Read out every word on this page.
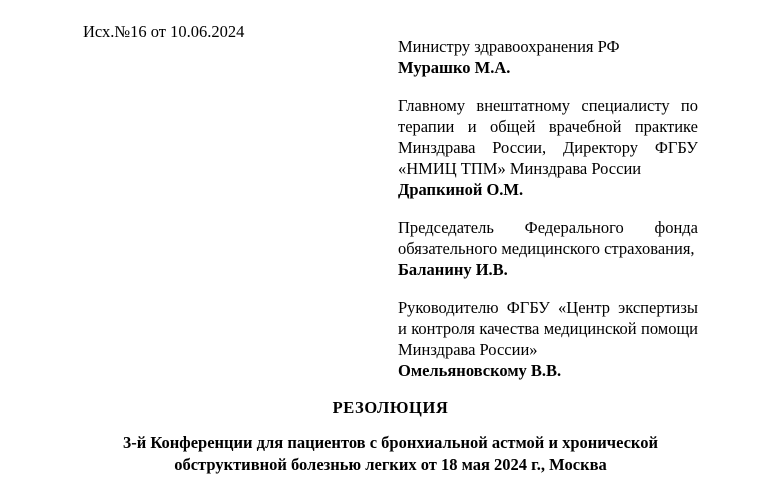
Исх.№16 от 10.06.2024
Министру здравоохранения РФ
Мурашко М.А.
Главному внештатному специалисту по терапии и общей врачебной практике Минздрава России, Директору ФГБУ «НМИЦ ТПМ» Минздрава России
Драпкиной О.М.
Председатель Федерального фонда обязательного медицинского страхования,
Баланину И.В.
Руководителю ФГБУ «Центр экспертизы и контроля качества медицинской помощи Минздрава России»
Омельяновскому В.В.
РЕЗОЛЮЦИЯ
3-й Конференции для пациентов с бронхиальной астмой и хронической обструктивной болезнью легких от 18 мая 2024 г., Москва
